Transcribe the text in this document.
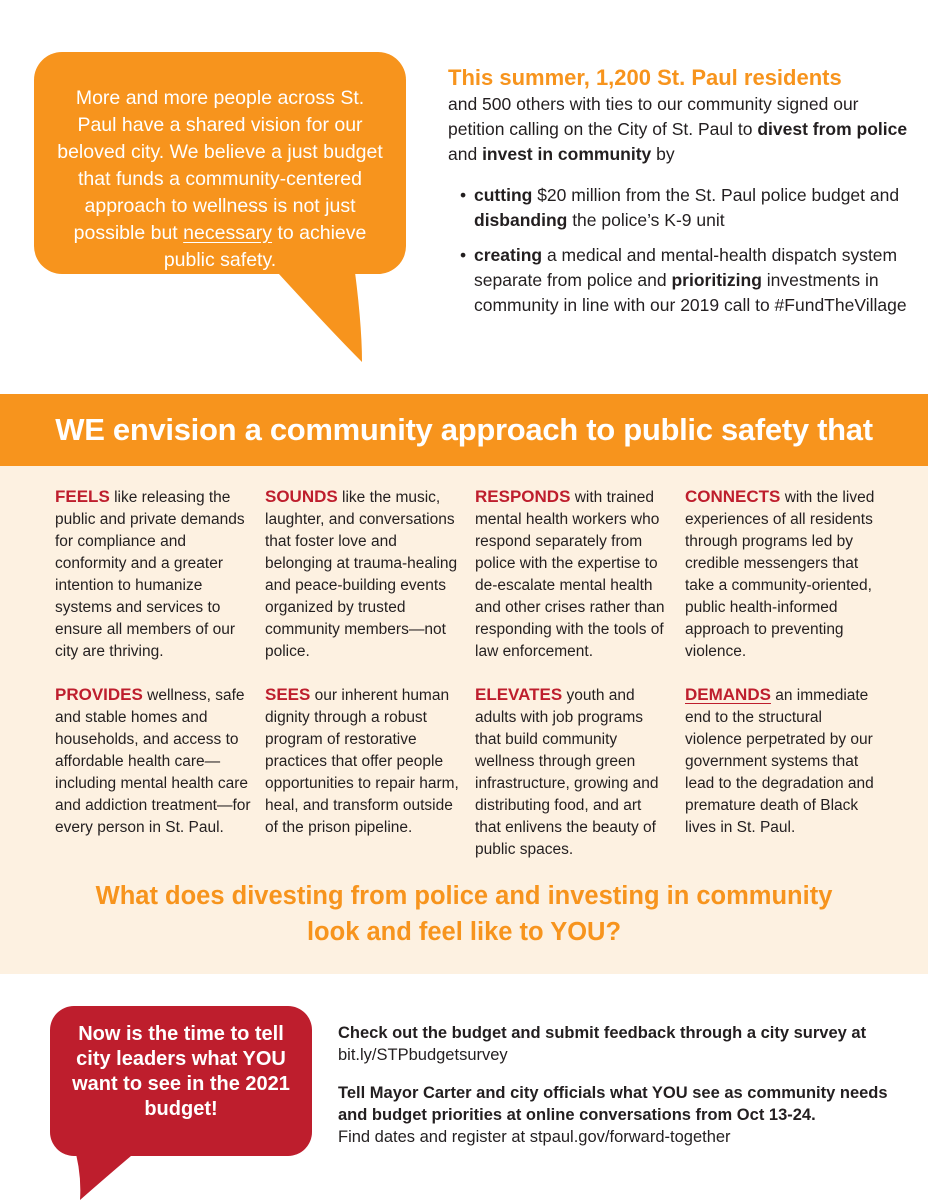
More and more people across St. Paul have a shared vision for our beloved city. We believe a just budget that funds a community-centered approach to wellness is not just possible but necessary to achieve public safety.
This summer, 1,200 St. Paul residents
and 500 others with ties to our community signed our petition calling on the City of St. Paul to divest from police and invest in community by
• cutting $20 million from the St. Paul police budget and disbanding the police’s K-9 unit
• creating a medical and mental-health dispatch system separate from police and prioritizing investments in community in line with our 2019 call to #FundTheVillage
WE envision a community approach to public safety that
FEELS like releasing the public and private demands for compliance and conformity and a greater intention to humanize systems and services to ensure all members of our city are thriving.
SOUNDS like the music, laughter, and conversations that foster love and belonging at trauma-healing and peace-building events organized by trusted community members—not police.
RESPONDS with trained mental health workers who respond separately from police with the expertise to de-escalate mental health and other crises rather than responding with the tools of law enforcement.
CONNECTS with the lived experiences of all residents through programs led by credible messengers that take a community-oriented, public health-informed approach to preventing violence.
PROVIDES wellness, safe and stable homes and households, and access to affordable health care—including mental health care and addiction treatment—for every person in St. Paul.
SEES our inherent human dignity through a robust program of restorative practices that offer people opportunities to repair harm, heal, and transform outside of the prison pipeline.
ELEVATES youth and adults with job programs that build community wellness through green infrastructure, growing and distributing food, and art that enlivens the beauty of public spaces.
DEMANDS an immediate end to the structural violence perpetrated by our government systems that lead to the degradation and premature death of Black lives in St. Paul.
What does divesting from police and investing in community
look and feel like to YOU?
Now is the time to tell city leaders what YOU want to see in the 2021 budget!
Check out the budget and submit feedback through a city survey at
bit.ly/STPbudgetsurvey
Tell Mayor Carter and city officials what YOU see as community needs and budget priorities at online conversations from Oct 13-24.
Find dates and register at stpaul.gov/forward-together
